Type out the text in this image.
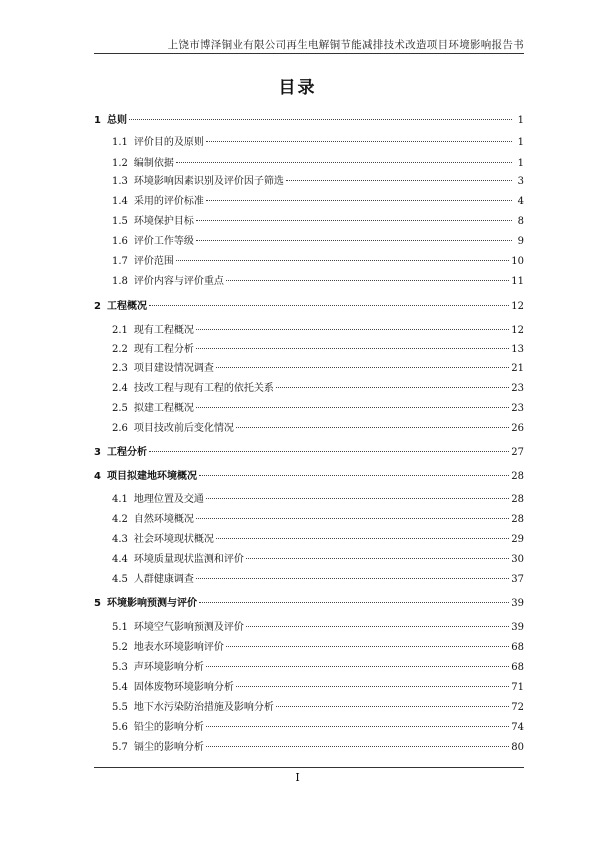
上饶市博泽铜业有限公司再生电解铜节能减排技术改造项目环境影响报告书
目录
1 总则	1
1.1 评价目的及原则	1
1.2 编制依据	1
1.3 环境影响因素识别及评价因子筛选	3
1.4 采用的评价标准	4
1.5 环境保护目标	8
1.6 评价工作等级	9
1.7 评价范围	10
1.8 评价内容与评价重点	11
2 工程概况	12
2.1 现有工程概况	12
2.2 现有工程分析	13
2.3 项目建设情况调查	21
2.4 技改工程与现有工程的依托关系	23
2.5 拟建工程概况	23
2.6 项目技改前后变化情况	26
3 工程分析	27
4 项目拟建地环境概况	28
4.1 地理位置及交通	28
4.2 自然环境概况	28
4.3 社会环境现状概况	29
4.4 环境质量现状监测和评价	30
4.5 人群健康调查	37
5 环境影响预测与评价	39
5.1 环境空气影响预测及评价	39
5.2 地表水环境影响评价	68
5.3 声环境影响分析	68
5.4 固体废物环境影响分析	71
5.5 地下水污染防治措施及影响分析	72
5.6 铅尘的影响分析	74
5.7 镉尘的影响分析	80
I
